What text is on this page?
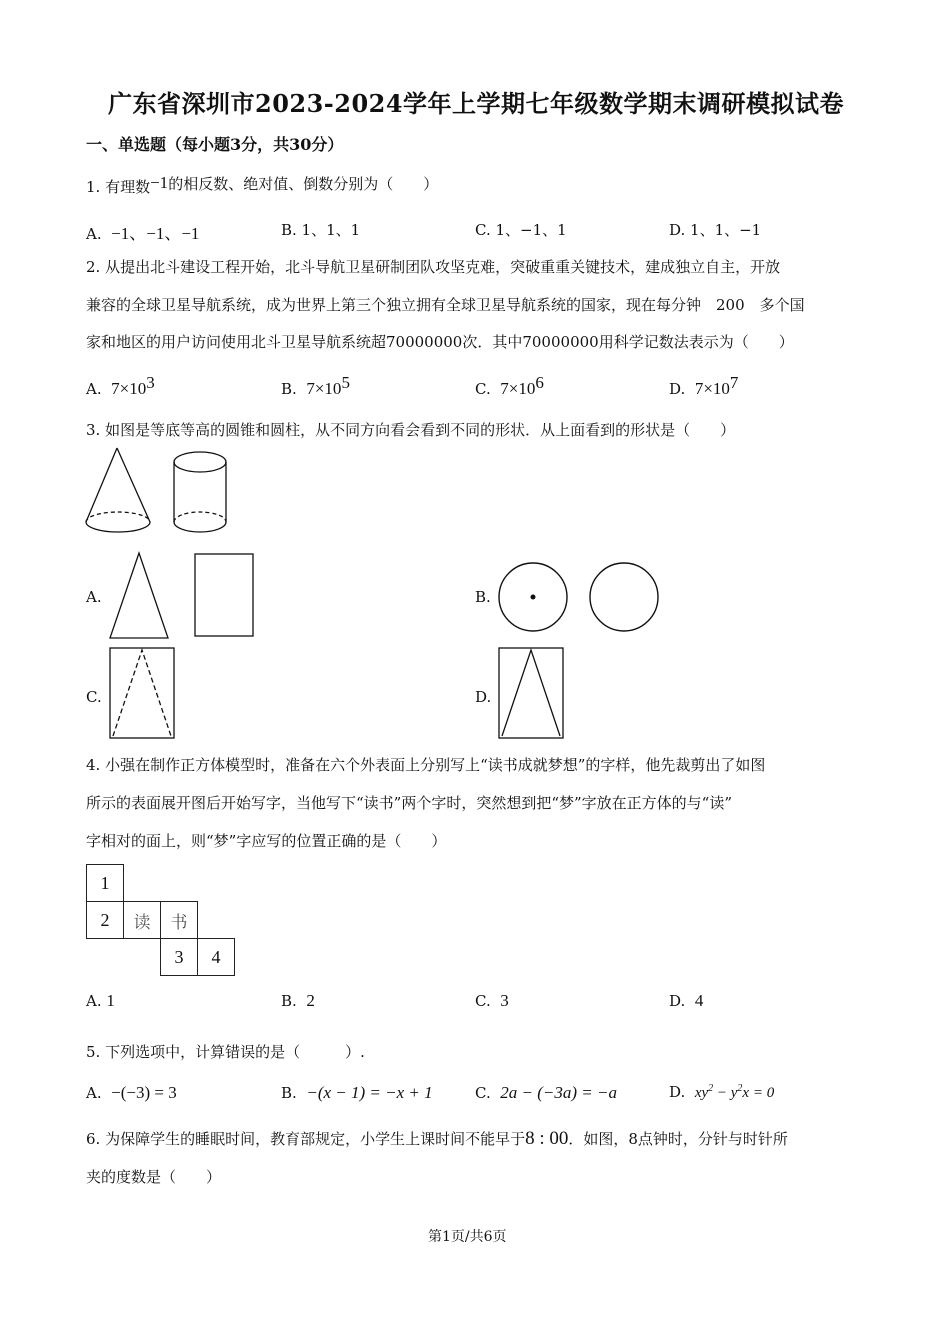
广东省深圳市2023-2024学年上学期七年级数学期末调研模拟试卷
一、单选题（每小题3分，共30分）
1. 有理数−1的相反数、绝对值、倒数分别为（　　）
A. −1、−1、−1	B. 1、1、1	C. 1、−1、1	D. 1、1、−1
2. 从提出北斗建设工程开始，北斗导航卫星研制团队攻坚克难，突破重重关键技术，建成独立自主，开放
兼容的全球卫星导航系统，成为世界上第三个独立拥有全球卫星导航系统的国家，现在每分钟　200　多个国
家和地区的用户访问使用北斗卫星导航系统超70000000次．其中70000000用科学记数法表示为（　　）
A. $7\times 10^3$	B. $7\times 10^5$	C. $7\times 10^6$	D. $7\times 10^7$
3. 如图是等底等高的圆锥和圆柱，从不同方向看会看到不同的形状．从上面看到的形状是（　　）
A.	B.
C.	D.
4. 小强在制作正方体模型时，准备在六个外表面上分别写上“读书成就梦想”的字样，他先裁剪出了如图
所示的表面展开图后开始写字，当他写下“读书”两个字时，突然想到把“梦”字放在正方体的与“读”
字相对的面上，则“梦”字应写的位置正确的是（　　）
1
2	读	书
3	4
A. 1	B. 2	C. 3	D. 4
5. 下列选项中，计算错误的是（　　　）.
A. −(−3) = 3	B. −(x − 1) = −x + 1	C. 2a − (−3a) = −a	D. $xy^2 - y^2x = 0$
6. 为保障学生的睡眠时间，教育部规定，小学生上课时间不能早于8 : 00．如图，8点钟时，分针与时针所
夹的度数是（　　）
第1页/共6页
